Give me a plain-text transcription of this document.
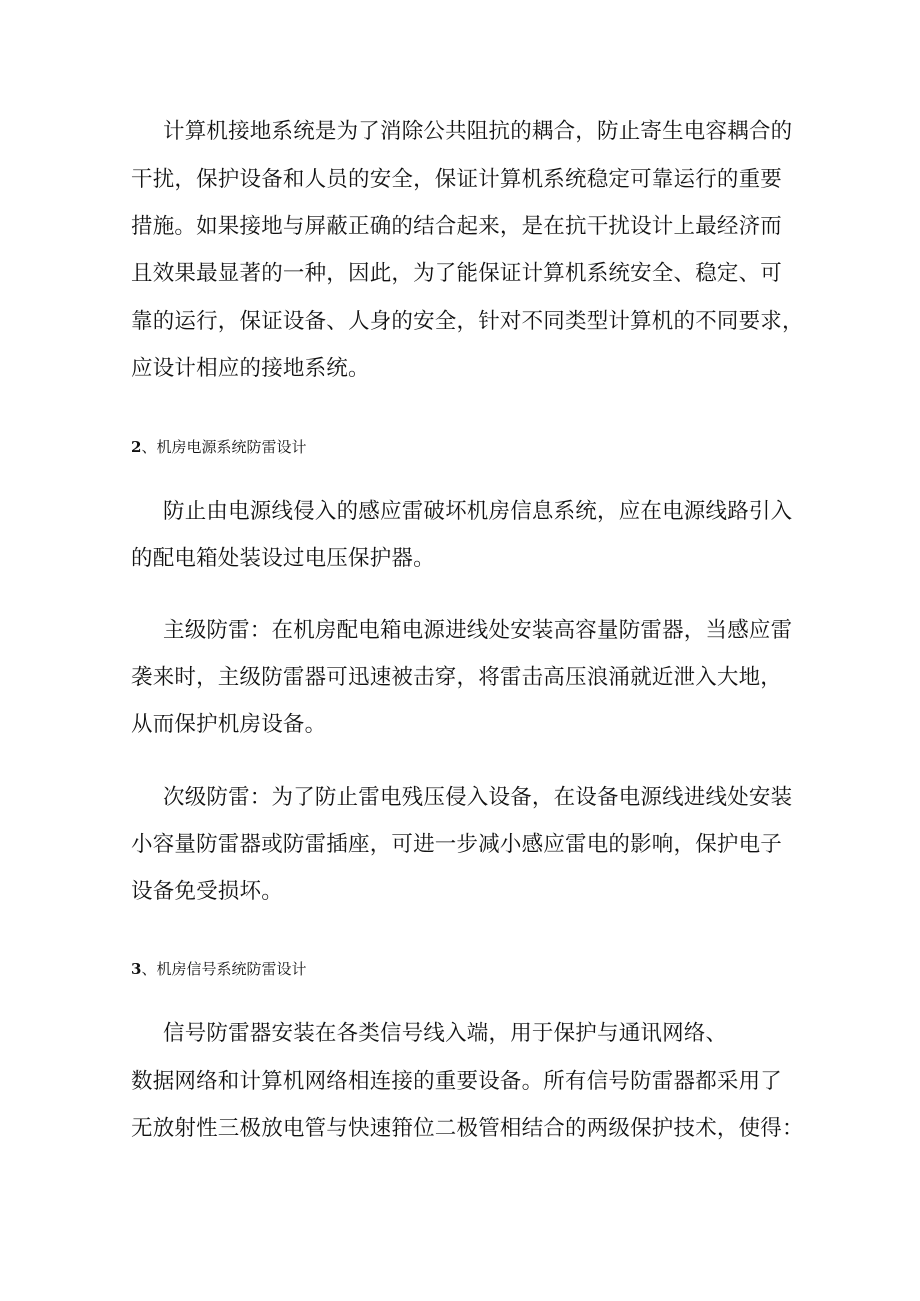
计算机接地系统是为了消除公共阻抗的耦合，防止寄生电容耦合的
干扰，保护设备和人员的安全，保证计算机系统稳定可靠运行的重要
措施。如果接地与屏蔽正确的结合起来，是在抗干扰设计上最经济而
且效果最显著的一种，因此，为了能保证计算机系统安全、稳定、可
靠的运行，保证设备、人身的安全，针对不同类型计算机的不同要求，
应设计相应的接地系统。
2、机房电源系统防雷设计
防止由电源线侵入的感应雷破坏机房信息系统，应在电源线路引入
的配电箱处装设过电压保护器。
主级防雷：在机房配电箱电源进线处安装高容量防雷器，当感应雷
袭来时，主级防雷器可迅速被击穿，将雷击高压浪涌就近泄入大地，
从而保护机房设备。
次级防雷：为了防止雷电残压侵入设备，在设备电源线进线处安装
小容量防雷器或防雷插座，可进一步减小感应雷电的影响，保护电子
设备免受损坏。
3、机房信号系统防雷设计
信号防雷器安装在各类信号线入端，用于保护与通讯网络、
数据网络和计算机网络相连接的重要设备。所有信号防雷器都采用了
无放射性三极放电管与快速箝位二极管相结合的两级保护技术，使得：
